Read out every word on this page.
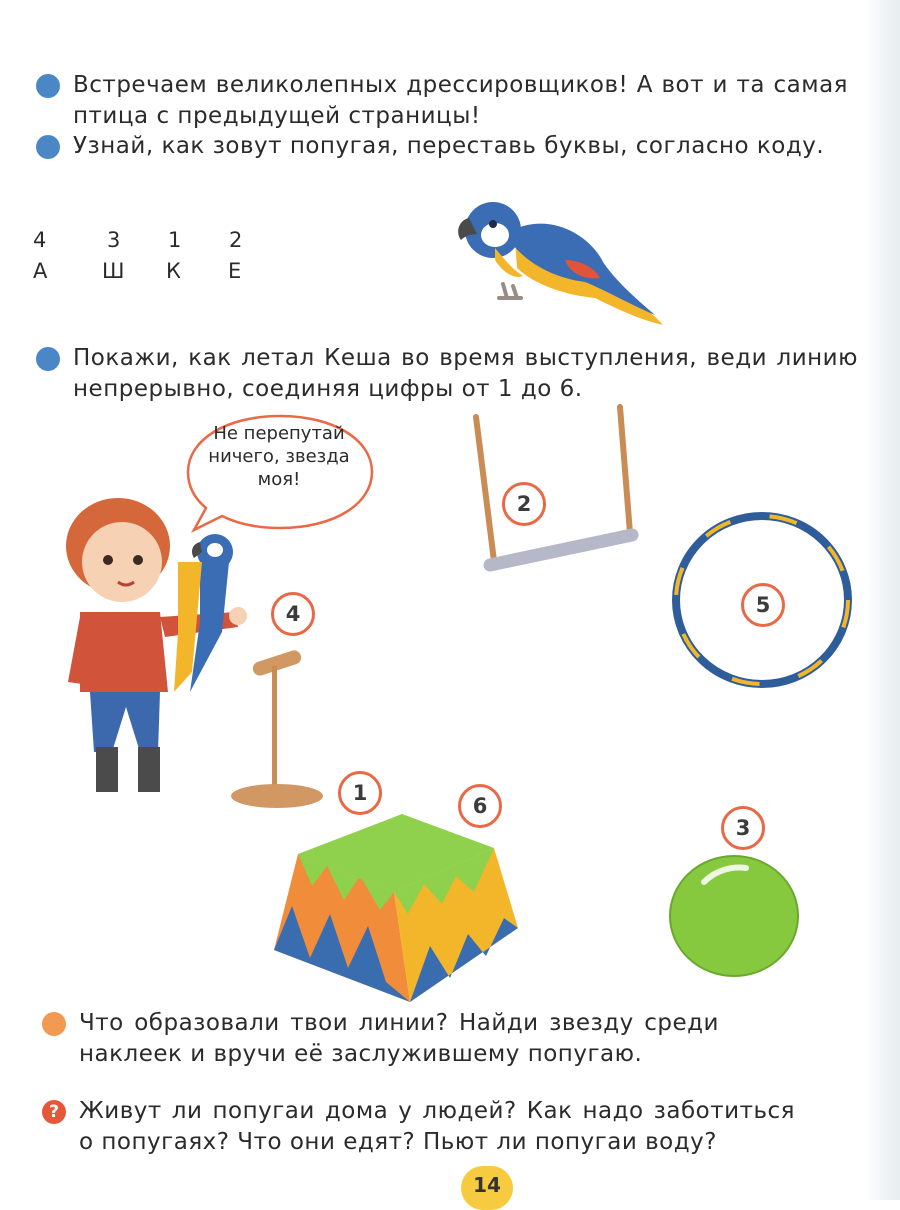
Встречаем великолепных дрессировщиков! А вот и та самая птица с предыдущей страницы!
Узнай, как зовут попугая, переставь буквы, согласно коду.
4	3 1 2
А	Ш К Е
Покажи, как летал Кеша во время выступления, веди линию непрерывно, соединяя цифры от 1 до 6.
Не перепутай ничего, звезда моя!
2
4	5
1
6
3
Что образовали твои линии? Найди звезду среди наклеек и вручи её заслужившему попугаю.
? Живут ли попугаи дома у людей? Как надо заботиться о попугаях? Что они едят? Пьют ли попугаи воду?
14
